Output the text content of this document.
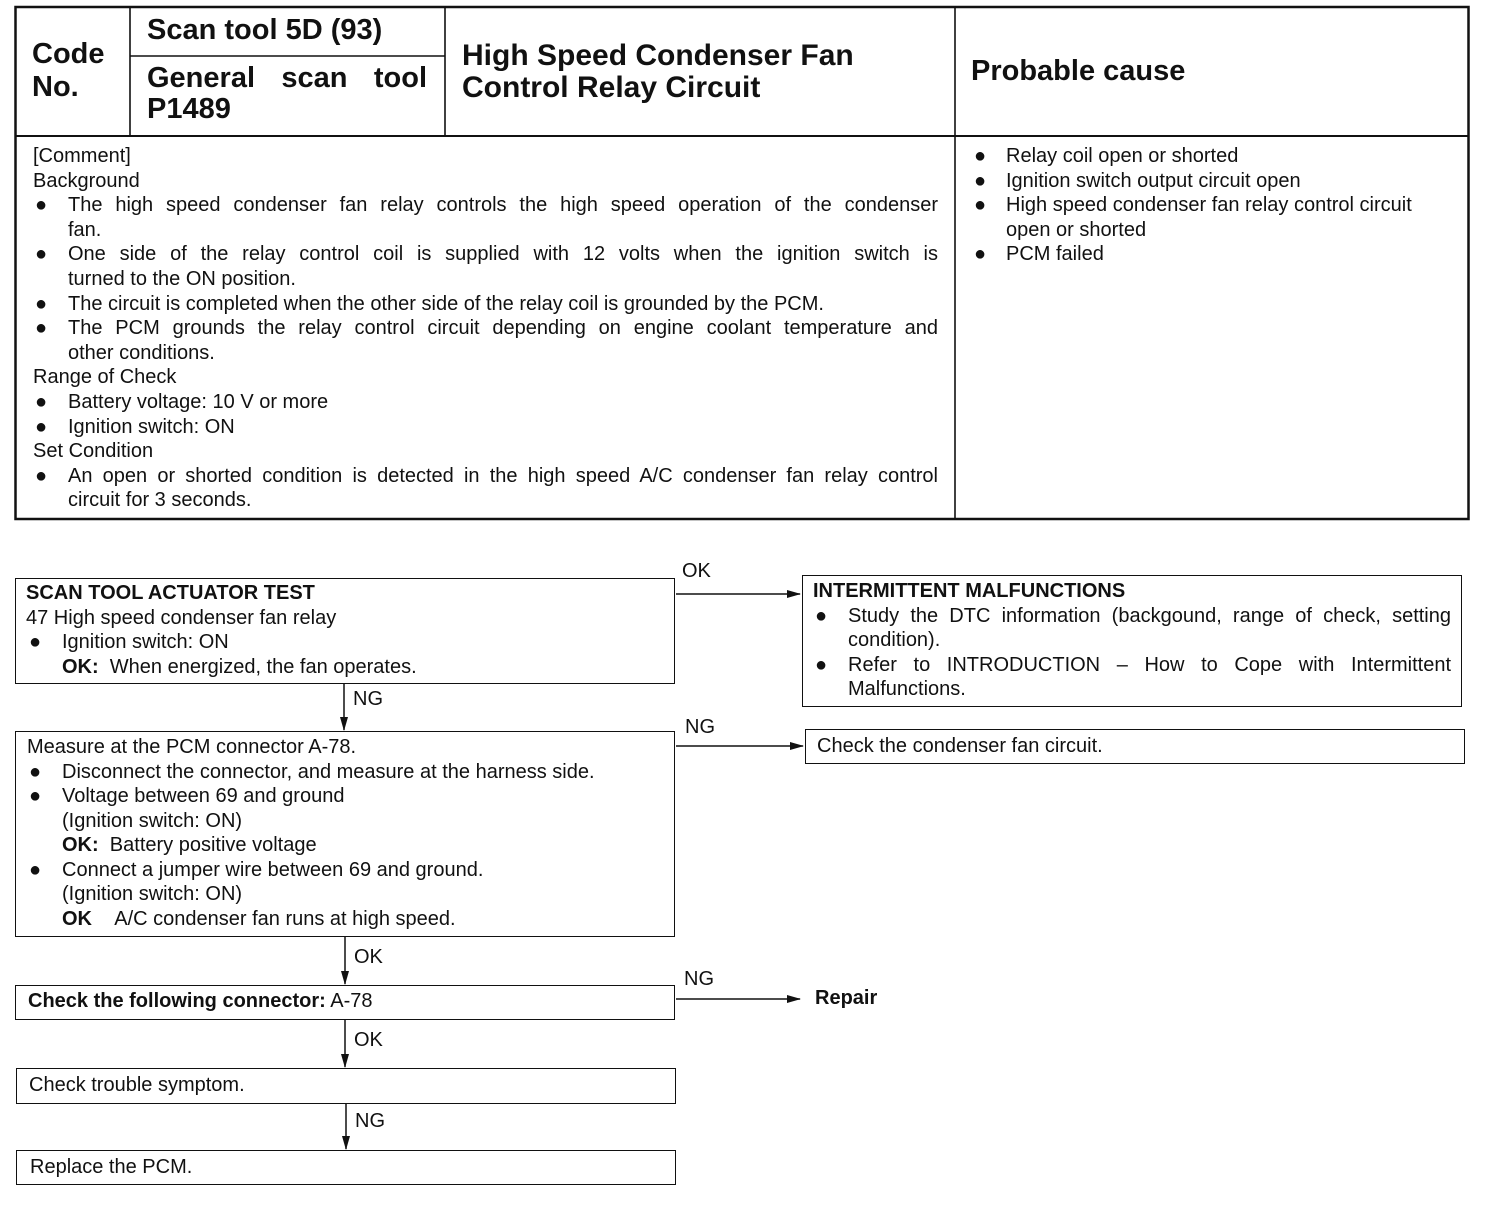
Code
No.
Scan tool 5D (93)
General scan tool
P1489
High Speed Condenser Fan
Control Relay Circuit	Probable cause
[Comment]
Background
● The high speed condenser fan relay controls the high speed operation of the condenser
fan.
● One side of the relay control coil is supplied with 12 volts when the ignition switch is
turned to the ON position.
● The circuit is completed when the other side of the relay coil is grounded by the PCM.
● The PCM grounds the relay control circuit depending on engine coolant temperature and
other conditions.
Range of Check
● Battery voltage: 10 V or more
● Ignition switch: ON
Set Condition
● An open or shorted condition is detected in the high speed A/C condenser fan relay control
circuit for 3 seconds.
● Relay coil open or shorted
● Ignition switch output circuit open
● High speed condenser fan relay control circuit
open or shorted
● PCM failed
SCAN TOOL ACTUATOR TEST
47 High speed condenser fan relay
● Ignition switch: ON
OK: When energized, the fan operates.
INTERMITTENT MALFUNCTIONS
● Study the DTC information (backgound, range of check, setting
condition).
● Refer to INTRODUCTION – How to Cope with Intermittent
Malfunctions.
Measure at the PCM connector A-78.
● Disconnect the connector, and measure at the harness side.
● Voltage between 69 and ground
(Ignition switch: ON)
OK: Battery positive voltage
● Connect a jumper wire between 69 and ground.
(Ignition switch: ON)
OK A/C condenser fan runs at high speed.
Check the condenser fan circuit.
Check the following connector: A-78	Repair
Check trouble symptom.
Replace the PCM.
OK
NG
NG
OK
NG
OK
NG
